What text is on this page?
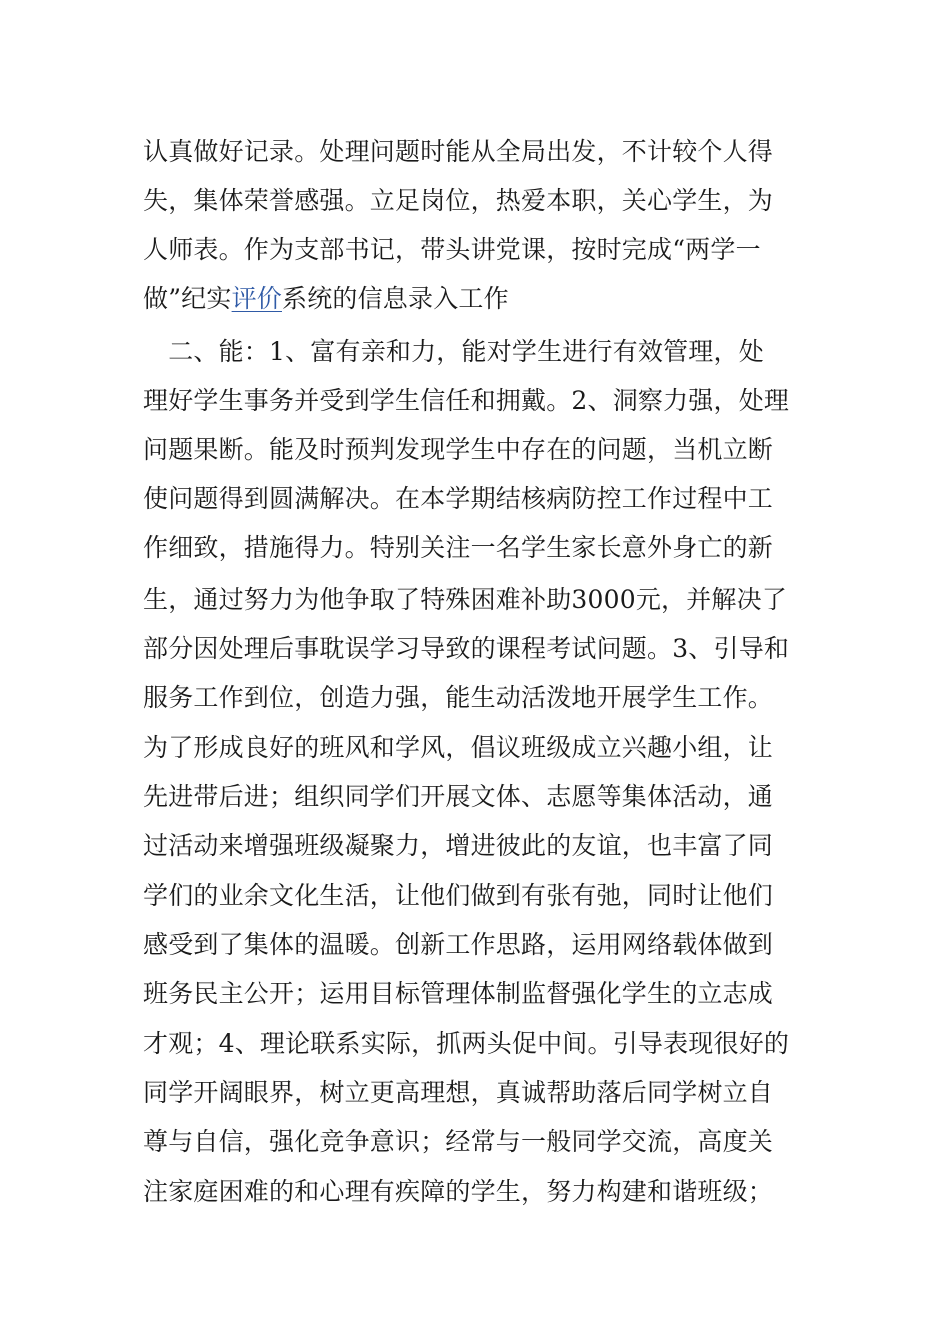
认真做好记录。处理问题时能从全局出发，不计较个人得
失，集体荣誉感强。立足岗位，热爱本职，关心学生，为
人师表。作为支部书记，带头讲党课，按时完成“两学一
做”纪实评价系统的信息录入工作
　二、能：1、富有亲和力，能对学生进行有效管理，处
理好学生事务并受到学生信任和拥戴。2、洞察力强，处理
问题果断。能及时预判发现学生中存在的问题，当机立断
使问题得到圆满解决。在本学期结核病防控工作过程中工
作细致，措施得力。特别关注一名学生家长意外身亡的新
生，通过努力为他争取了特殊困难补助3000元，并解决了
部分因处理后事耽误学习导致的课程考试问题。3、引导和
服务工作到位，创造力强，能生动活泼地开展学生工作。
为了形成良好的班风和学风，倡议班级成立兴趣小组，让
先进带后进；组织同学们开展文体、志愿等集体活动，通
过活动来增强班级凝聚力，增进彼此的友谊，也丰富了同
学们的业余文化生活，让他们做到有张有弛，同时让他们
感受到了集体的温暖。创新工作思路，运用网络载体做到
班务民主公开；运用目标管理体制监督强化学生的立志成
才观；4、理论联系实际，抓两头促中间。引导表现很好的
同学开阔眼界，树立更高理想，真诚帮助落后同学树立自
尊与自信，强化竞争意识；经常与一般同学交流，高度关
注家庭困难的和心理有疾障的学生，努力构建和谐班级；
